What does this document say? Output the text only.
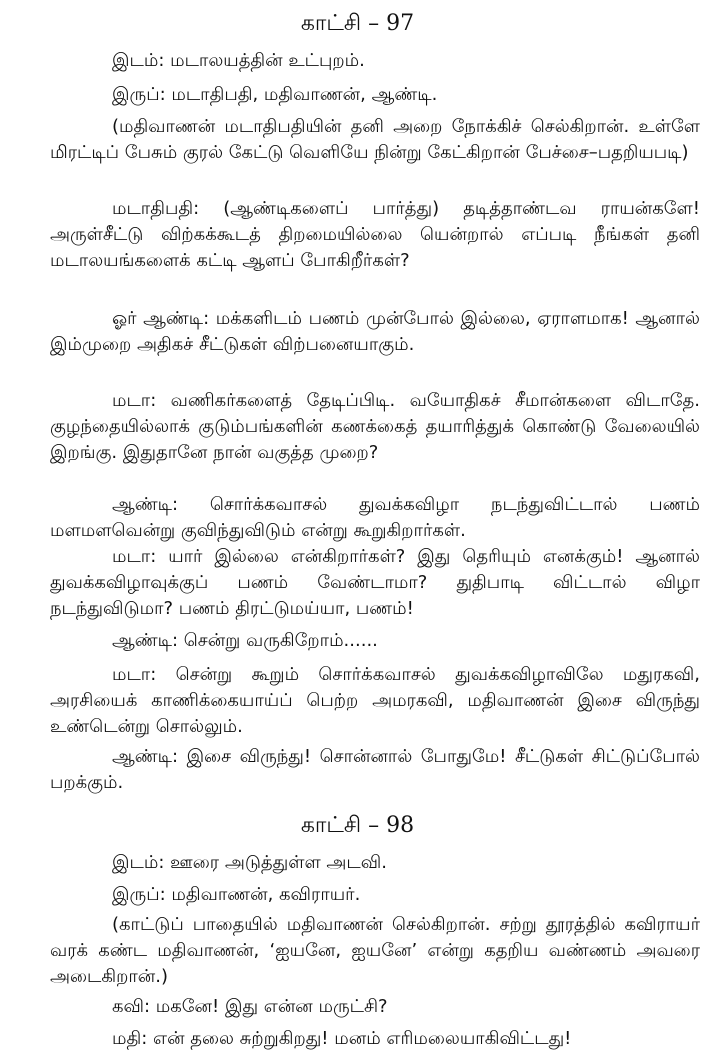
காட்சி – 97
இடம்: மடாலயத்தின் உட்புறம்.
இருப்: மடாதிபதி, மதிவாணன், ஆண்டி.
(மதிவாணன் மடாதிபதியின் தனி அறை நோக்கிச் செல்கிறான். உள்ளே மிரட்டிப் பேசும் குரல் கேட்டு வெளியே நின்று கேட்கிறான் பேச்சை–பதறியபடி)
மடாதிபதி: (ஆண்டிகளைப் பார்த்து) தடித்தாண்டவ ராயன்களே! அருள்சீட்டு விற்கக்கூடத் திறமையில்லை யென்றால் எப்படி நீங்கள் தனி மடாலயங்களைக் கட்டி ஆளப் போகிறீர்கள்?
ஓர் ஆண்டி: மக்களிடம் பணம் முன்போல் இல்லை, ஏராளமாக! ஆனால் இம்முறை அதிகச் சீட்டுகள் விற்பனையாகும்.
மடா: வணிகர்களைத் தேடிப்பிடி. வயோதிகச் சீமான்களை விடாதே. குழந்தையில்லாக் குடும்பங்களின் கணக்கைத் தயாரித்துக் கொண்டு வேலையில் இறங்கு. இதுதானே நான் வகுத்த முறை?
ஆண்டி: சொர்க்கவாசல் துவக்கவிழா நடந்துவிட்டால் பணம் மளமளவென்று குவிந்துவிடும் என்று கூறுகிறார்கள்.
மடா: யார் இல்லை என்கிறார்கள்? இது தெரியும் எனக்கும்! ஆனால் துவக்கவிழாவுக்குப் பணம் வேண்டாமா? துதிபாடி விட்டால் விழா நடந்துவிடுமா? பணம் திரட்டுமய்யா, பணம்!
ஆண்டி: சென்று வருகிறோம்......
மடா: சென்று கூறும் சொர்க்கவாசல் துவக்கவிழாவிலே மதுரகவி, அரசியைக் காணிக்கையாய்ப் பெற்ற அமரகவி, மதிவாணன் இசை விருந்து உண்டென்று சொல்லும்.
ஆண்டி: இசை விருந்து! சொன்னால் போதுமே! சீட்டுகள் சிட்டுப்போல் பறக்கும்.
காட்சி – 98
இடம்: ஊரை அடுத்துள்ள அடவி.
இருப்: மதிவாணன், கவிராயர்.
(காட்டுப் பாதையில் மதிவாணன் செல்கிறான். சற்று தூரத்தில் கவிராயர் வரக் கண்ட மதிவாணன், ‘ஐயனே, ஐயனே’ என்று கதறிய வண்ணம் அவரை அடைகிறான்.)
கவி: மகனே! இது என்ன மருட்சி?
மதி: என் தலை சுற்றுகிறது! மனம் எரிமலையாகிவிட்டது!
